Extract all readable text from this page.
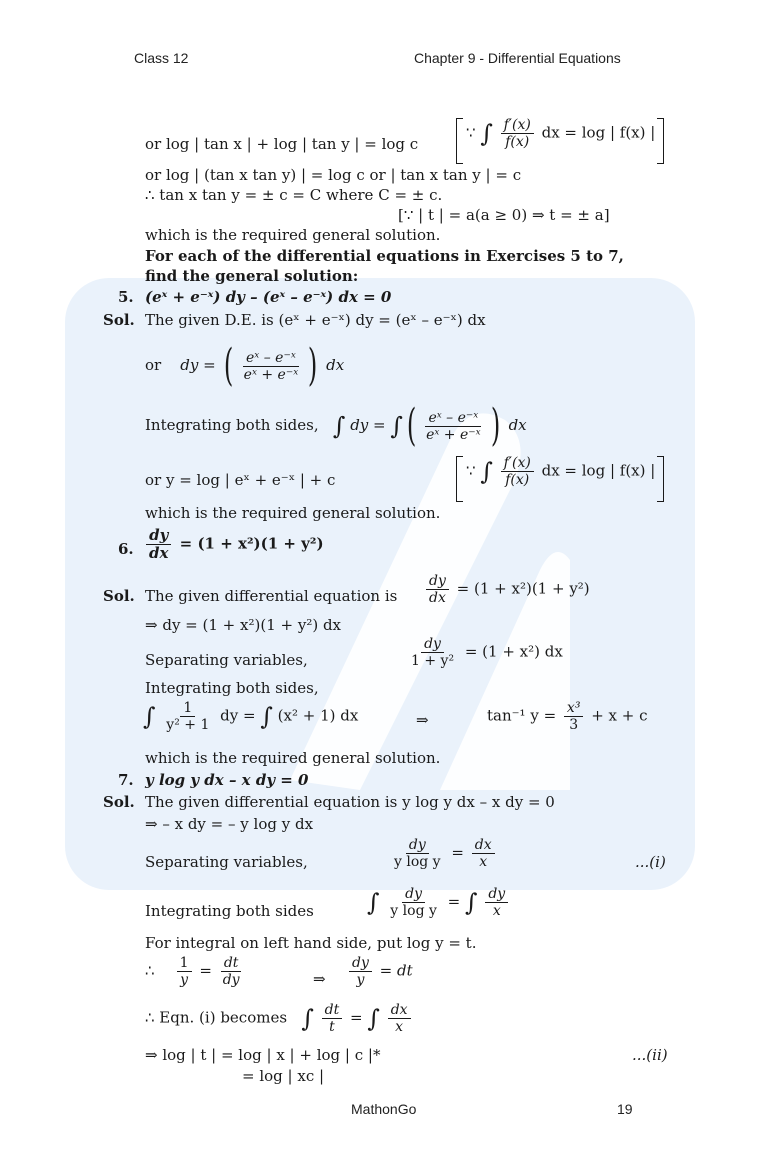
Class 12	Chapter 9 - Differential Equations
or log | tan x | + log | tan y | = log c
∵ ∫ $\frac{f'(x)}{f(x)}$ dx = log | f(x) |
or log | (tan x tan y) | = log c or | tan x tan y | = c
∴ tan x tan y = ± c = C where C = ± c.
[∵ | t | = a(a ≥ 0) ⇒ t = ± a]
which is the required general solution.
For each of the differential equations in Exercises 5 to 7,
find the general solution:
5. (eˣ + e⁻ˣ) dy – (eˣ – e⁻ˣ) dx = 0
Sol. The given D.E. is (eˣ + e⁻ˣ) dy = (eˣ – e⁻ˣ) dx
or dy = ( $\frac{\text{eˣ – e⁻ˣ}}{\text{eˣ + e⁻ˣ}}$ ) dx
Integrating both sides, ∫ dy = ∫( $\frac{\text{eˣ – e⁻ˣ}}{\text{eˣ + e⁻ˣ}}$ ) dx
or y = log | eˣ + e⁻ˣ | + c
∵ ∫ $\frac{f'(x)}{f(x)}$ dx = log | f(x) |
which is the required general solution.
6. $\frac{dy}{dx} = (1 + x^2)(1 + y^2)$
Sol. The given differential equation is $\frac{dy}{dx} = (1 + x^2)(1 + y^2)$
⇒ dy = (1 + x²)(1 + y²) dx
Separating variables,	$\frac{dy}{\text{1 + y²}} = (1 + x^2)$ dx
Integrating both sides,
∫ $\frac{1}{\text{y² + 1}}$ dy = ∫ (x² + 1) dx	⇒	tan⁻¹ $y = \frac{\text{x³}}{3} + x + c$
which is the required general solution.
7. y log y dx – x dy = 0
Sol. The given differential equation is y log y dx – x dy = 0
⇒ – x dy = – y log y dx
Separating variables,	$\frac{dy}{\text{y log y}} = \frac{dx}{x}$	...(i)
Integrating both sides ∫ $\frac{dy}{\text{y log y}}$ = ∫ $\frac{dy}{x}$
For integral on left hand side, put log y = t.
∴ $\frac{1}{y} = \frac{dt}{dy}$	⇒ $\frac{dy}{y}$ = dt
∴ Eqn. (i) becomes ∫ $\frac{dt}{t}$ = ∫ $\frac{dx}{x}$
⇒ log | t | = log | x | + log | c |*	...(ii)
= log | xc |
MathonGo	19
